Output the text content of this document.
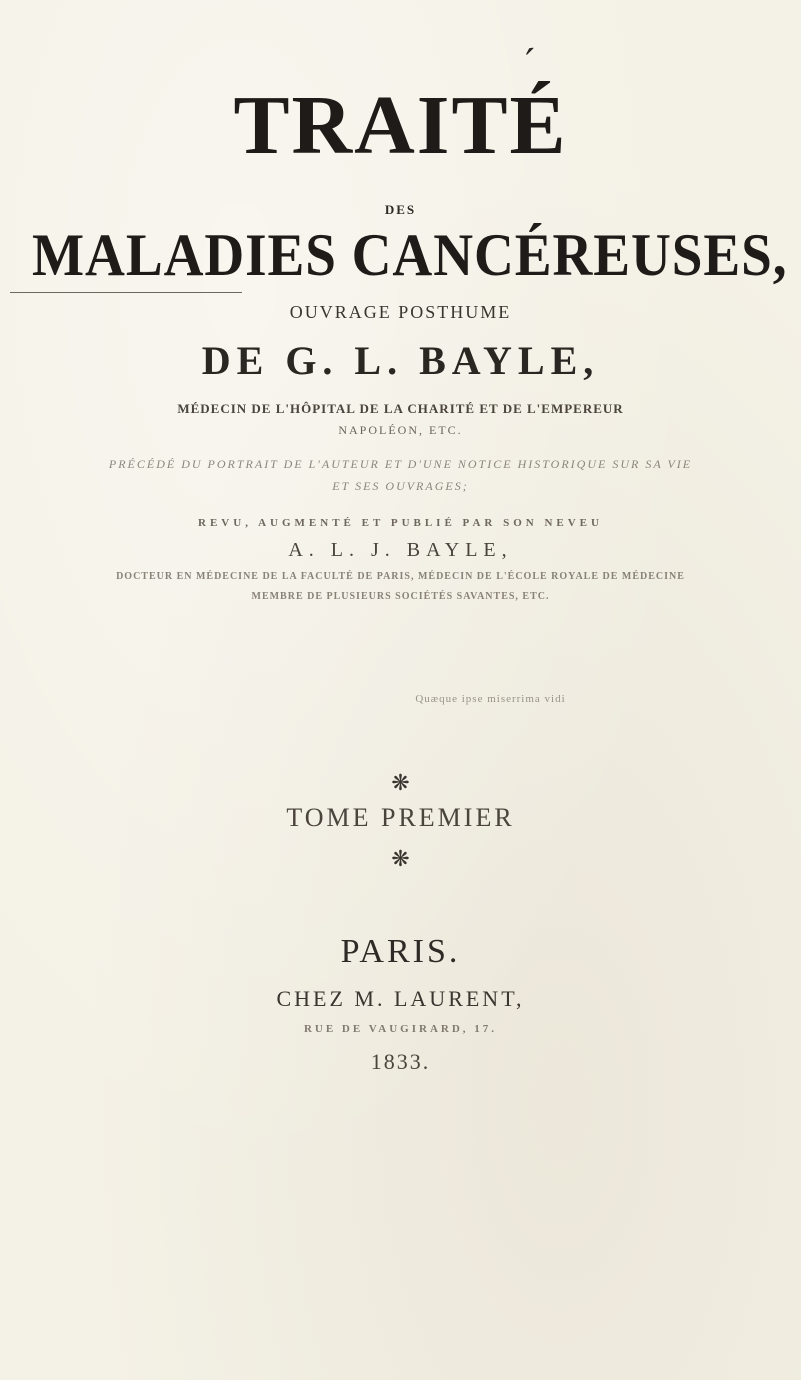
TRAITÉ
́
DES
MALADIES CANCÉREUSES,
OUVRAGE POSTHUME
DE G. L. BAYLE,
MÉDECIN DE L'HÔPITAL DE LA CHARITÉ ET DE L'EMPEREUR
NAPOLÉON, ETC.
PRÉCÉDÉ DU PORTRAIT DE L'AUTEUR ET D'UNE NOTICE HISTORIQUE SUR SA VIE
ET SES OUVRAGES;
REVU, AUGMENTÉ ET PUBLIÉ PAR SON NEVEU
A. L. J. BAYLE,
DOCTEUR EN MÉDECINE DE LA FACULTÉ DE PARIS, MÉDECIN DE L'ÉCOLE ROYALE DE MÉDECINE
MEMBRE DE PLUSIEURS SOCIÉTÉS SAVANTES, ETC.
Quæque ipse miserrima vidi
❋
TOME PREMIER
❋
PARIS.
CHEZ M. LAURENT,
RUE DE VAUGIRARD, 17.
1833.
